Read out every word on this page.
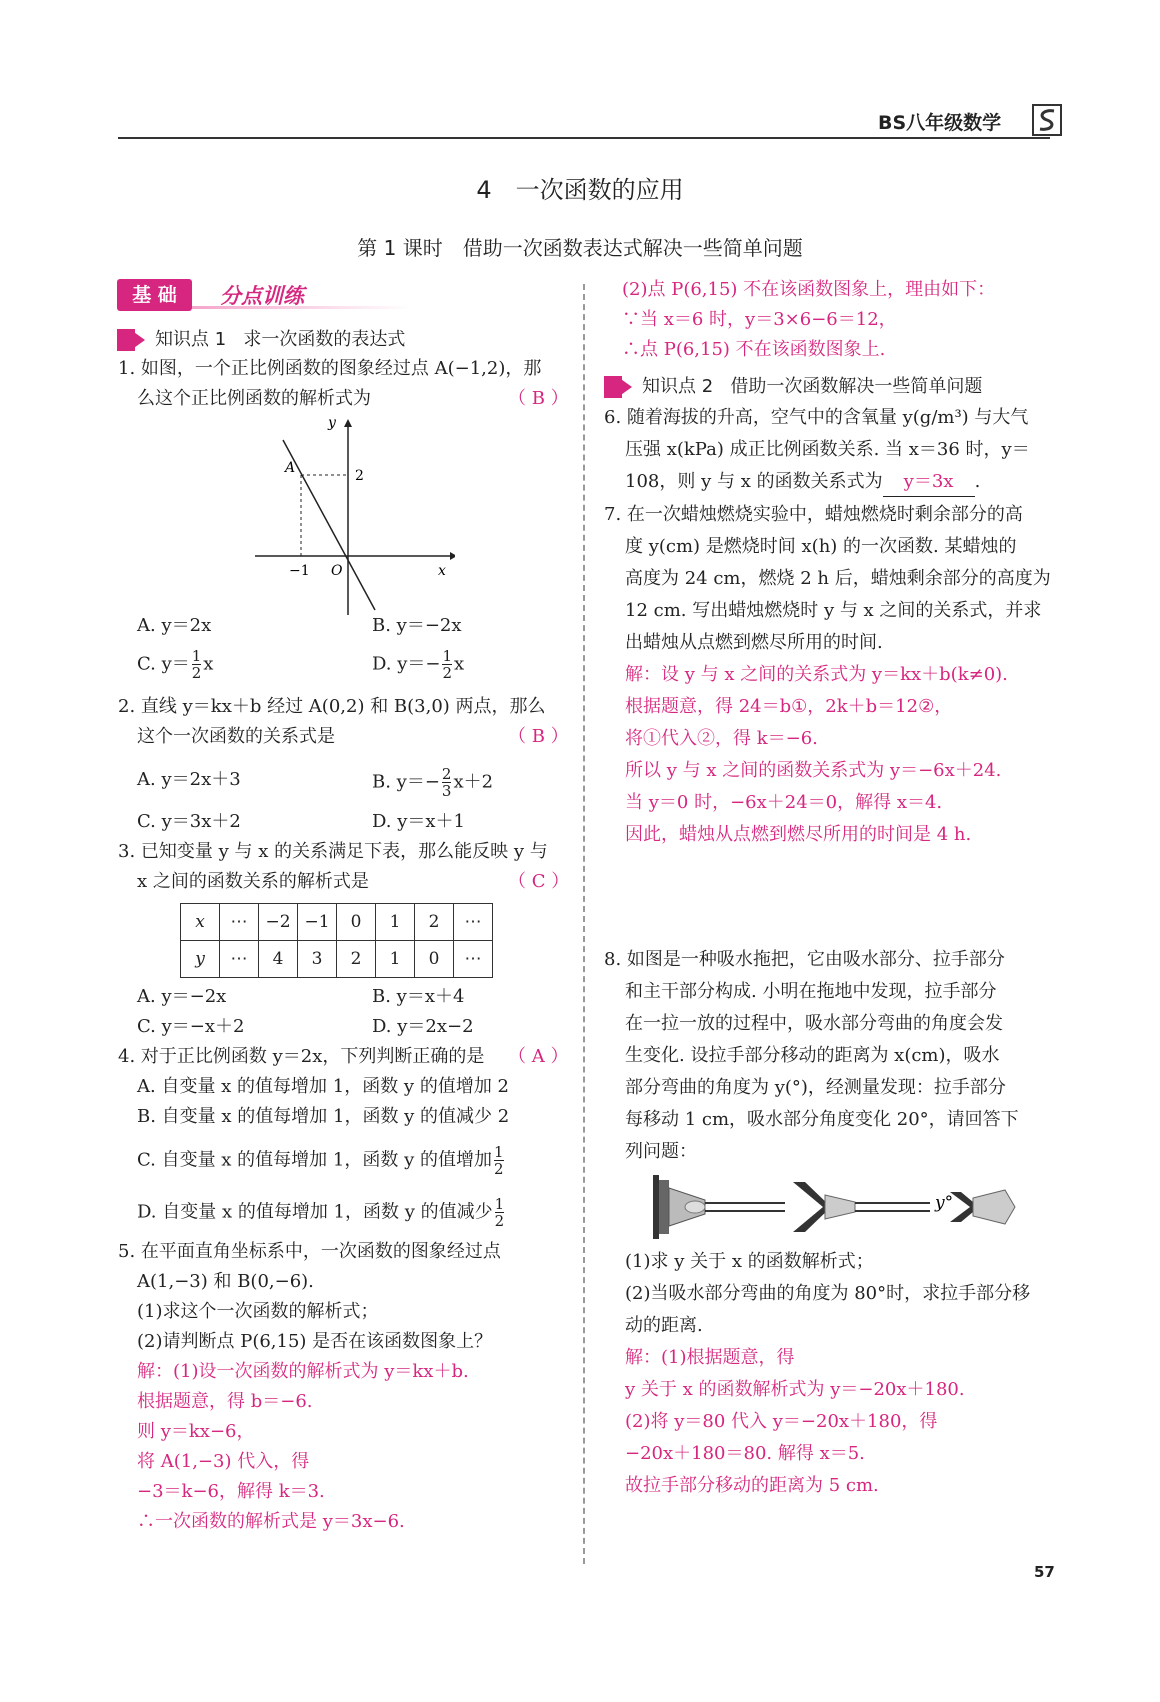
BS八年级数学
4　一次函数的应用
第 1 课时　借助一次函数表达式解决一些简单问题
基 础	分点训练
知识点 1 求一次函数的表达式
1. 如图，一个正比例函数的图象经过点 A(−1,2)，那
么这个正比例函数的解析式为	（ B ）
y
x
O
−1
2
A
A. y＝2x	B. y＝−2x
C. $y= \frac{1}{2}$ x	D. $y=- \frac{1}{2}$ x
2. 直线 y＝kx＋b 经过 A(0,2) 和 B(3,0) 两点，那么
这个一次函数的关系式是	（ B ）
A. y＝2x＋3	B. $y=- \frac{2}{3} x+2$
C. y＝3x＋2	D. y＝x＋1
3. 已知变量 y 与 x 的关系满足下表，那么能反映 y 与
x 之间的函数关系的解析式是	（ C ）
x	⋯	−2	−1	0	1	2	⋯
y	⋯	4	3	2	1	0	⋯
A. y＝−2x	B. y＝x＋4
C. y＝−x＋2	D. y＝2x−2
4. 对于正比例函数 y＝2x，下列判断正确的是 （ A ）
A. 自变量 x 的值每增加 1，函数 y 的值增加 2
B. 自变量 x 的值每增加 1，函数 y 的值减少 2
C. 自变量 x 的值每增加 1，函数 y 的值增加 $\frac{1}{2}$
D. 自变量 x 的值每增加 1，函数 y 的值减少 $\frac{1}{2}$
5. 在平面直角坐标系中，一次函数的图象经过点
A(1,−3) 和 B(0,−6).
(1)求这个一次函数的解析式；
(2)请判断点 P(6,15) 是否在该函数图象上？
解：(1)设一次函数的解析式为 y＝kx＋b.
根据题意，得 b＝−6.
则 y＝kx−6，
将 A(1,−3) 代入，得
−3＝k−6，解得 k＝3.
∴一次函数的解析式是 y＝3x−6.
(2)点 P(6,15) 不在该函数图象上，理由如下：
∵当 x＝6 时，y＝3×6−6＝12，
∴点 P(6,15) 不在该函数图象上.
知识点 2 借助一次函数解决一些简单问题
6. 随着海拔的升高，空气中的含氧量 y(g/m³) 与大气
压强 x(kPa) 成正比例函数关系. 当 x＝36 时，y＝
108，则 y 与 x 的函数关系式为 y＝3x .
7. 在一次蜡烛燃烧实验中，蜡烛燃烧时剩余部分的高
度 y(cm) 是燃烧时间 x(h) 的一次函数. 某蜡烛的
高度为 24 cm，燃烧 2 h 后，蜡烛剩余部分的高度为
12 cm. 写出蜡烛燃烧时 y 与 x 之间的关系式，并求
出蜡烛从点燃到燃尽所用的时间.
解：设 y 与 x 之间的关系式为 y＝kx＋b(k≠0).
根据题意，得 24＝b①，2k＋b＝12②，
将①代入②，得 k＝−6.
所以 y 与 x 之间的函数关系式为 y＝−6x＋24.
当 y＝0 时，−6x＋24＝0，解得 x＝4.
因此，蜡烛从点燃到燃尽所用的时间是 4 h.
8. 如图是一种吸水拖把，它由吸水部分、拉手部分
和主干部分构成. 小明在拖地中发现，拉手部分
在一拉一放的过程中，吸水部分弯曲的角度会发
生变化. 设拉手部分移动的距离为 x(cm)，吸水
部分弯曲的角度为 y(°)，经测量发现：拉手部分
每移动 1 cm，吸水部分角度变化 20°，请回答下
列问题：
y°
(1)求 y 关于 x 的函数解析式；
(2)当吸水部分弯曲的角度为 80°时，求拉手部分移
动的距离.
解：(1)根据题意，得
y 关于 x 的函数解析式为 y＝−20x＋180.
(2)将 y＝80 代入 y＝−20x＋180，得
−20x＋180＝80. 解得 x＝5.
故拉手部分移动的距离为 5 cm.
57
